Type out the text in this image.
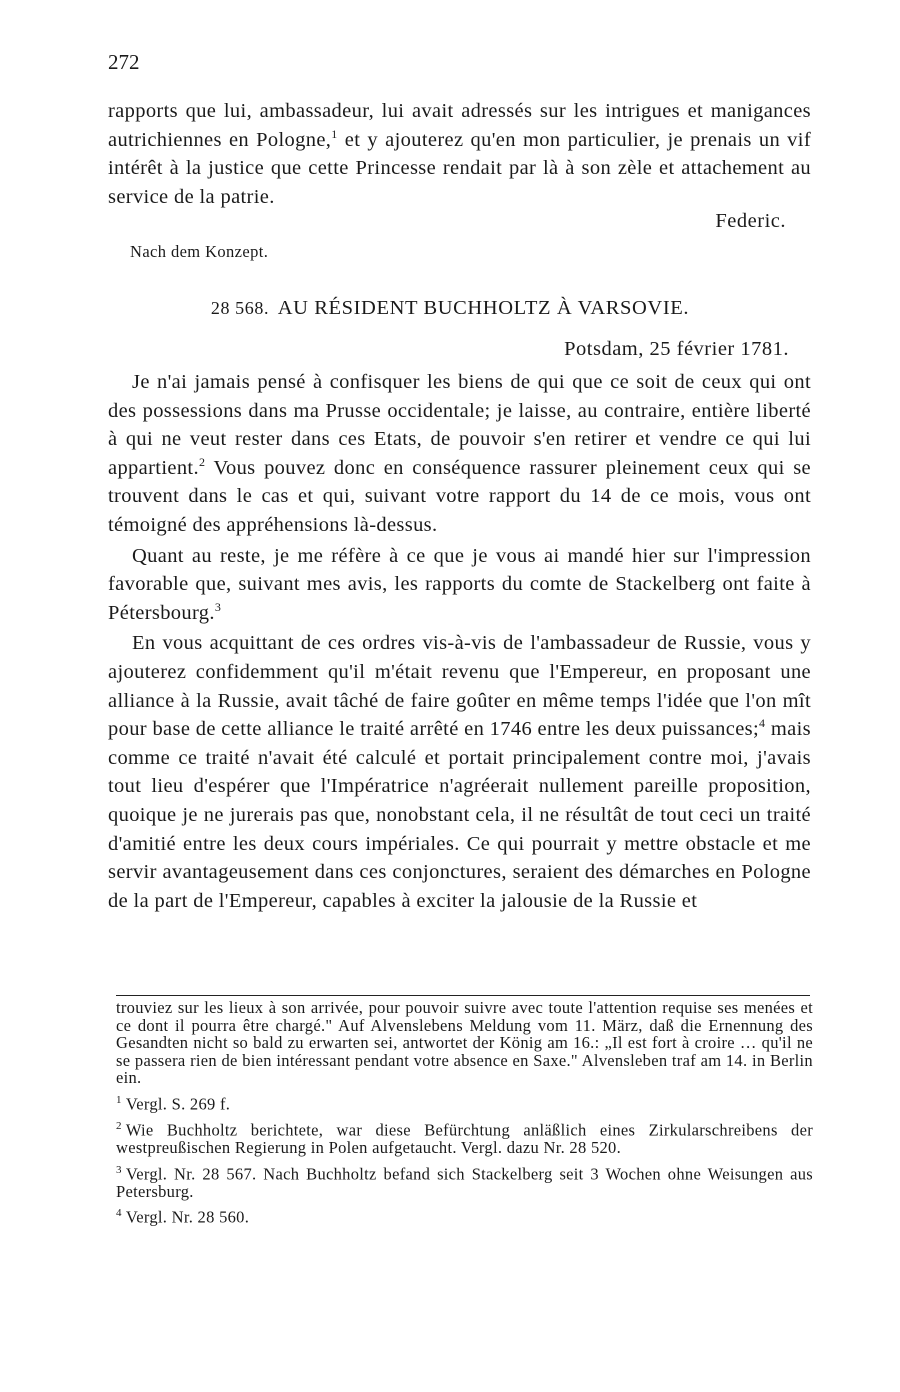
272

rapports que lui, ambassadeur, lui avait adressés sur les intrigues et manigances autrichiennes en Pologne,$^1$ et y ajouterez qu'en mon particulier, je prenais un vif intérêt à la justice que cette Princesse rendait par là à son zèle et attachement au service de la patrie.

Federic.
Nach dem Konzept.
28 568. AU RÉSIDENT BUCHHOLTZ À VARSOVIE.
Potsdam, 25 février 1781.

Je n'ai jamais pensé à confisquer les biens de qui que ce soit de ceux qui ont des possessions dans ma Prusse occidentale; je laisse, au contraire, entière liberté à qui ne veut rester dans ces Etats, de pouvoir s'en retirer et vendre ce qui lui appartient.$^2$ Vous pouvez donc en conséquence rassurer pleinement ceux qui se trouvent dans le cas et qui, suivant votre rapport du 14 de ce mois, vous ont témoigné des appréhensions là-dessus.

Quant au reste, je me réfère à ce que je vous ai mandé hier sur l'impression favorable que, suivant mes avis, les rapports du comte de Stackelberg ont faite à Pétersbourg.$^3$

En vous acquittant de ces ordres vis-à-vis de l'ambassadeur de Russie, vous y ajouterez confidemment qu'il m'était revenu que l'Empereur, en proposant une alliance à la Russie, avait tâché de faire goûter en même temps l'idée que l'on mît pour base de cette alliance le traité arrêté en 1746 entre les deux puissances;$^4$ mais comme ce traité n'avait été calculé et portait principalement contre moi, j'avais tout lieu d'espérer que l'Impératrice n'agréerait nullement pareille proposition, quoique je ne jurerais pas que, nonobstant cela, il ne résultât de tout ceci un traité d'amitié entre les deux cours impériales. Ce qui pourrait y mettre obstacle et me servir avantageusement dans ces conjonctures, seraient des démarches en Pologne de la part de l'Empereur, capables à exciter la jalousie de la Russie et

trouviez sur les lieux à son arrivée, pour pouvoir suivre avec toute l'attention requise ses menées et ce dont il pourra être chargé." Auf Alvenslebens Meldung vom 11. März, daß die Ernennung des Gesandten nicht so bald zu erwarten sei, antwortet der König am 16.: „Il est fort à croire … qu'il ne se passera rien de bien intéressant pendant votre absence en Saxe." Alvensleben traf am 14. in Berlin ein.

$^1$ Vergl. S. 269 f.

$^2$ Wie Buchholtz berichtete, war diese Befürchtung anläßlich eines Zirkularschreibens der westpreußischen Regierung in Polen aufgetaucht. Vergl. dazu Nr. 28 520.

$^3$ Vergl. Nr. 28 567. Nach Buchholtz befand sich Stackelberg seit 3 Wochen ohne Weisungen aus Petersburg.

$^4$ Vergl. Nr. 28 560.
